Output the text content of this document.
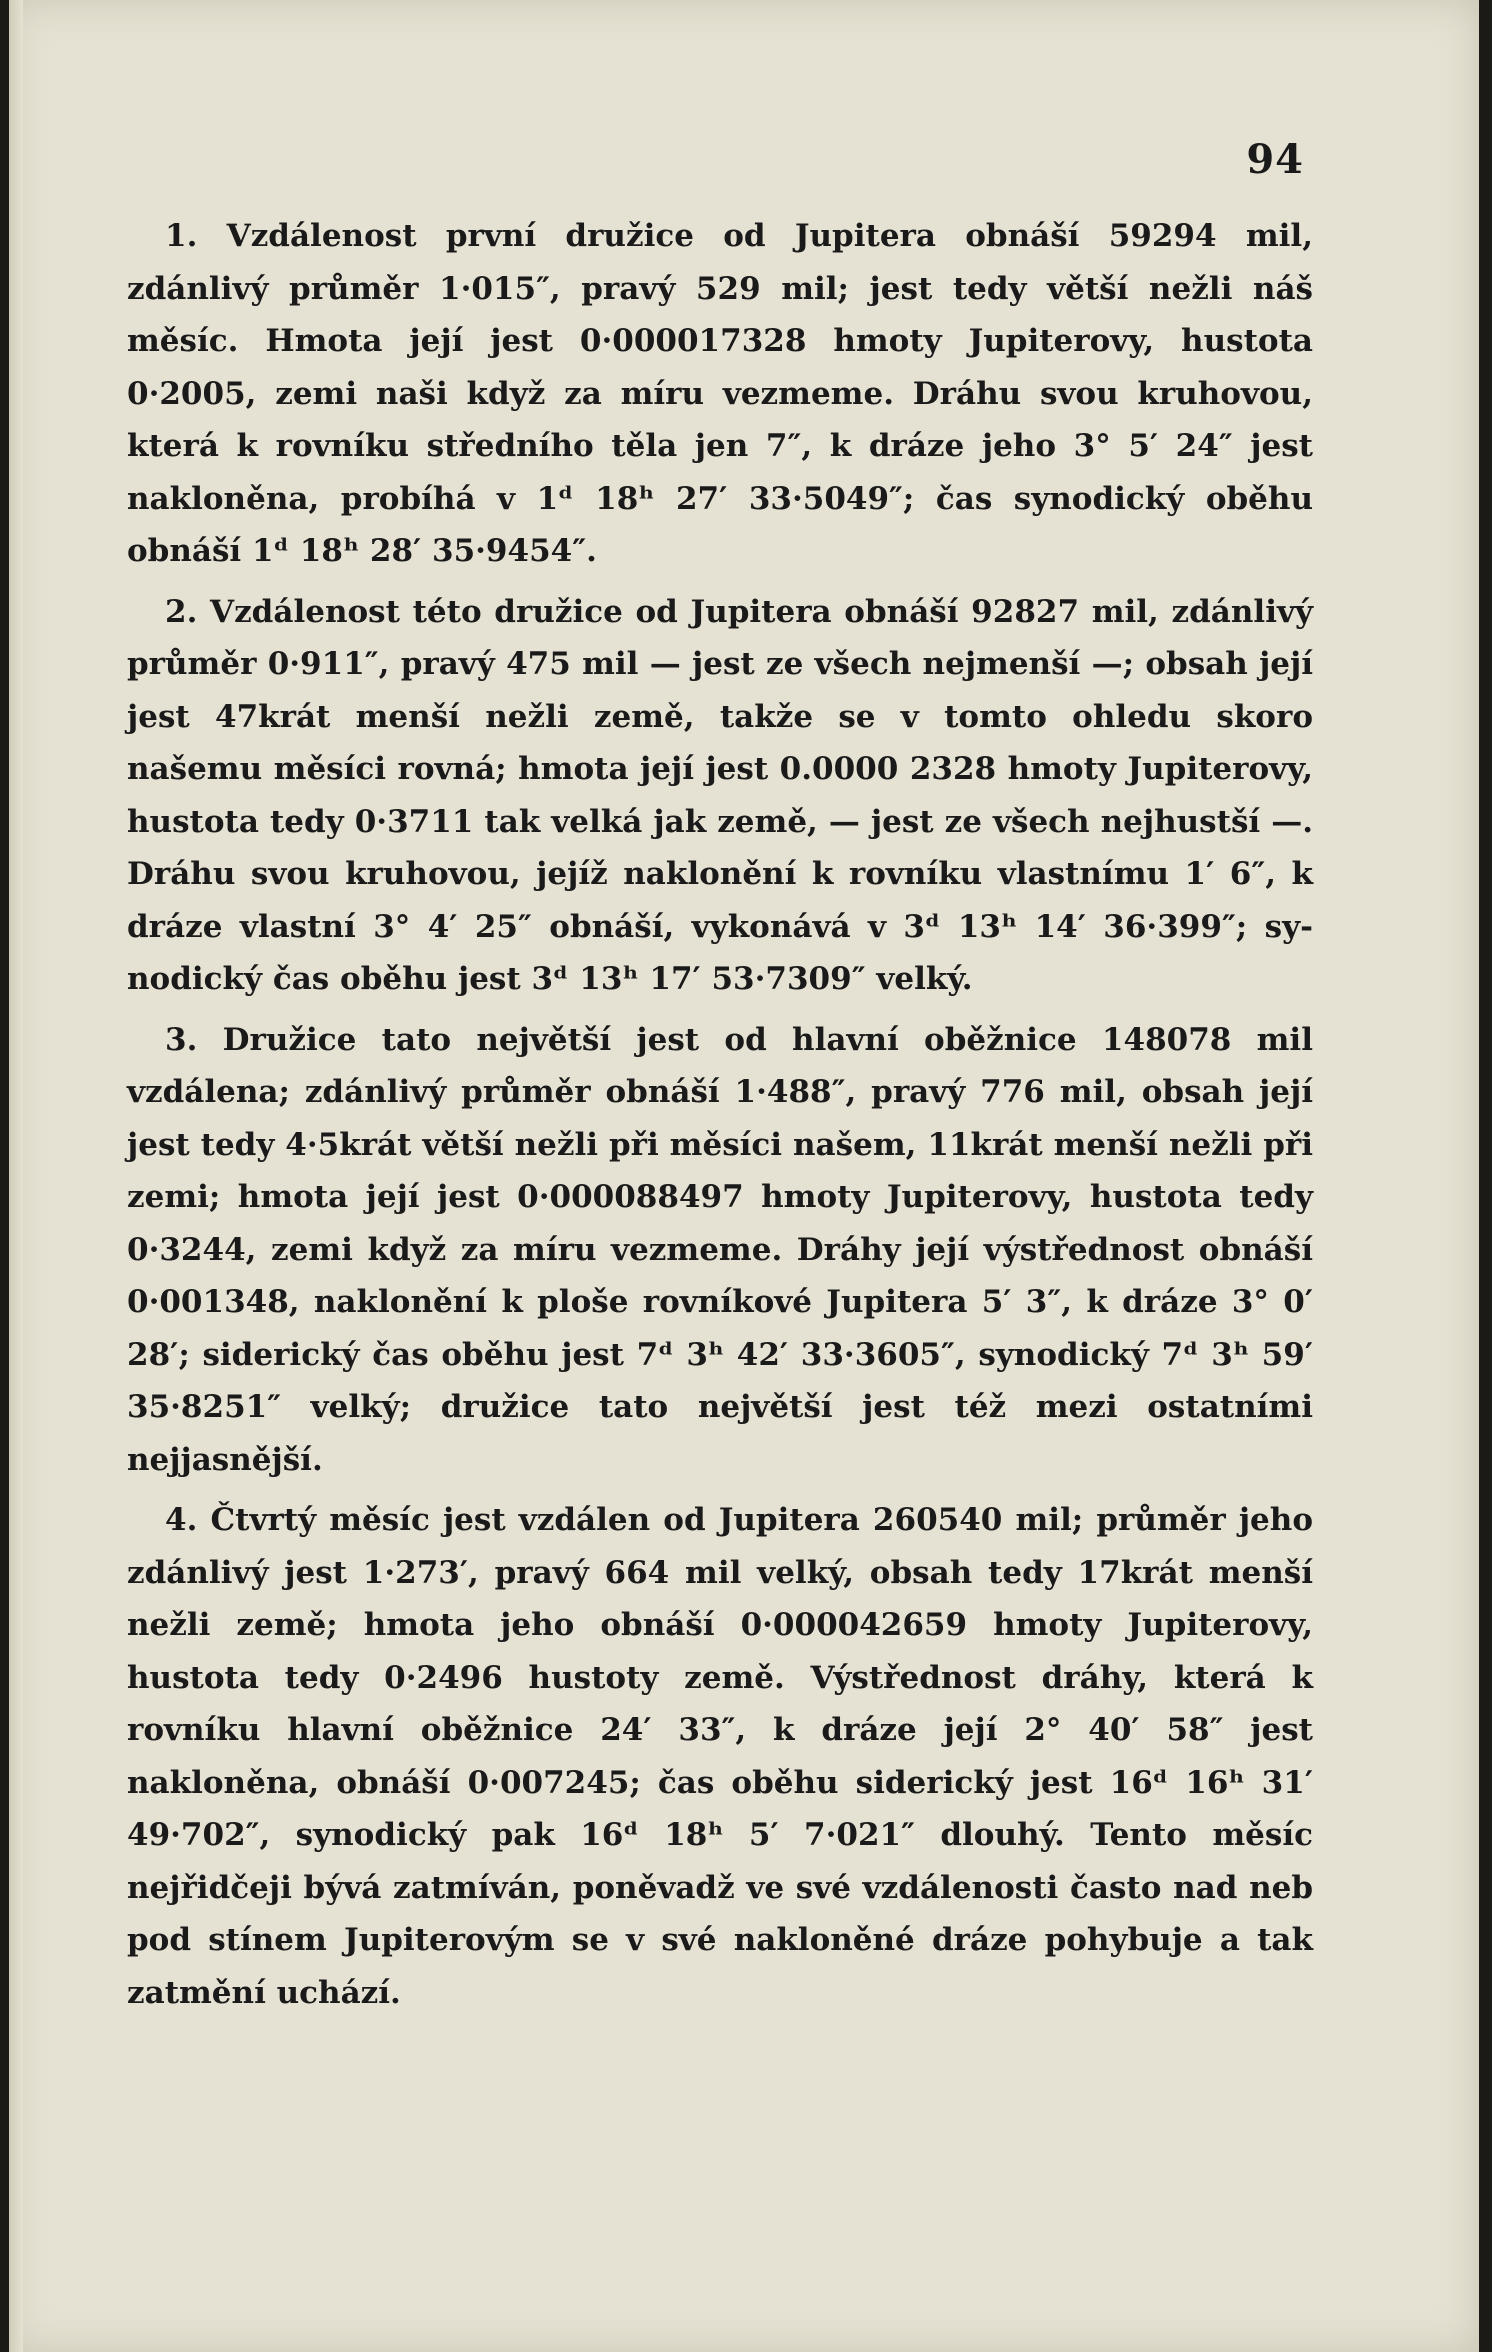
94

1. Vzdálenost první družice od Jupitera obnáší 59294 mil, zdánlivý průměr 1·015″, pravý 529 mil; jest tedy větší nežli náš měsíc. Hmota její jest 0·000017328 hmoty Jupiterovy, hustota 0·2005, zemi naši když za míru vezmeme. Dráhu svou kruhovou, která k rovníku středního těla jen 7″, k dráze jeho 3° 5′ 24″ jest nakloněna, probíhá v 1ᵈ 18ʰ 27′ 33·5049″; čas synodický oběhu obnáší 1ᵈ 18ʰ 28′ 35·9454″.

2. Vzdálenost této družice od Jupitera obnáší 92827 mil, zdánlivý průměr 0·911″, pravý 475 mil — jest ze všech nejmenší —; obsah její jest 47krát menší nežli země, takže se v tomto ohledu skoro našemu měsíci rovná; hmota její jest 0.0000 2328 hmoty Jupiterovy, hustota tedy 0·3711 tak velká jak země, — jest ze všech nejhustší —. Dráhu svou kruhovou, jejíž naklonění k rovníku vlastnímu 1′ 6″, k dráze vlastní 3° 4′ 25″ obnáší, vykonává v 3ᵈ 13ʰ 14′ 36·399″; synodický čas oběhu jest 3ᵈ 13ʰ 17′ 53·7309″ velký.

3. Družice tato největší jest od hlavní oběžnice 148078 mil vzdálena; zdánlivý průměr obnáší 1·488″, pravý 776 mil, obsah její jest tedy 4·5krát větší nežli při měsíci našem, 11krát menší nežli při zemi; hmota její jest 0·000088497 hmoty Jupiterovy, hustota tedy 0·3244, zemi když za míru vezmeme. Dráhy její výstřednost obnáší 0·001348, naklonění k ploše rovníkové Jupitera 5′ 3″, k dráze 3° 0′ 28′; siderický čas oběhu jest 7ᵈ 3ʰ 42′ 33·3605″, synodický 7ᵈ 3ʰ 59′ 35·8251″ velký; družice tato největší jest též mezi ostatními nejjasnější.

4. Čtvrtý měsíc jest vzdálen od Jupitera 260540 mil; průměr jeho zdánlivý jest 1·273′, pravý 664 mil velký, obsah tedy 17krát menší nežli země; hmota jeho obnáší 0·000042659 hmoty Jupiterovy, hustota tedy 0·2496 hustoty země. Výstřednost dráhy, která k rovníku hlavní oběžnice 24′ 33″, k dráze její 2° 40′ 58″ jest nakloněna, obnáší 0·007245; čas oběhu siderický jest 16ᵈ 16ʰ 31′ 49·702″, synodický pak 16ᵈ 18ʰ 5′ 7·021″ dlouhý. Tento měsíc nejřidčeji bývá zatmíván, poněvadž ve své vzdálenosti často nad neb pod stínem Jupiterovým se v své nakloněné dráze pohybuje a tak zatmění uchází.
